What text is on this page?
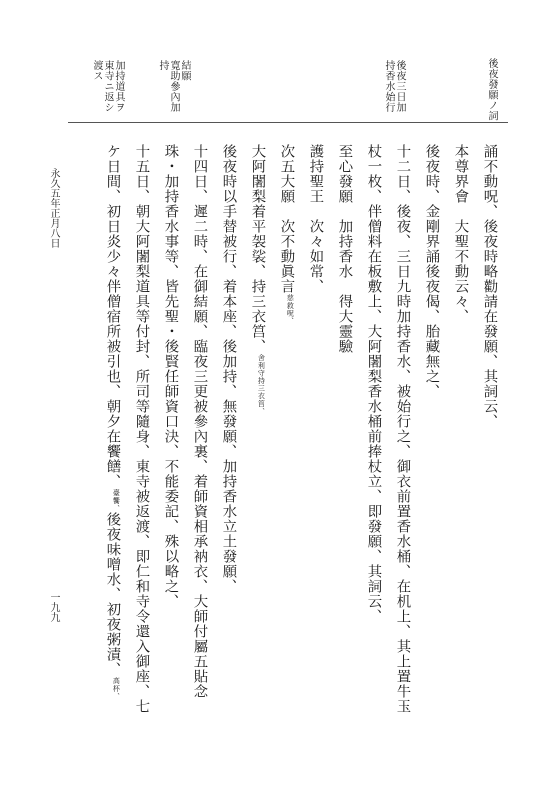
後夜發願ノ詞
後夜三日加
持香水始行
結願
寛助參內加
持
加持道具ヲ
東寺ニ返シ
渡ス
誦不動呪、後夜時略勸請在發願、其詞云、
本尊界會　大聖不動云々、
後夜時、金剛界誦後夜偈、胎藏無之、
十二日、後夜、三日九時加持香水、被始行之、御衣前置香水桶、在机上、其上置牛玉
杖一枚、伴僧料在板敷上、大阿闍梨香水桶前捧杖立、即發願、其詞云、
至心發願　加持香水　得大靈驗
護持聖王　次々如常、
次五大願　次不動眞言慈救呪、
大阿闍梨着平袈裟、持三衣筥、舍利守持三衣筥、
後夜時以手替被行、着本座、後加持、無發願、加持香水立土發願、
十四日、遲二時、在御結願、臨夜三更被參內裏、着師資相承衲衣、大師付屬五貼念
珠・加持香水事等、皆先聖・後賢任師資口決、不能委記、殊以略之、
十五日、朝大阿闍梨道具等付封、所司等隨身、東寺被返渡、即仁和寺令還入御座、七
ケ日間、初日炎少々伴僧宿所被引也、朝夕在饗饍、臺饗、後夜味噌水、初夜粥漬、高杯、
永久五年正月八日
一九九
